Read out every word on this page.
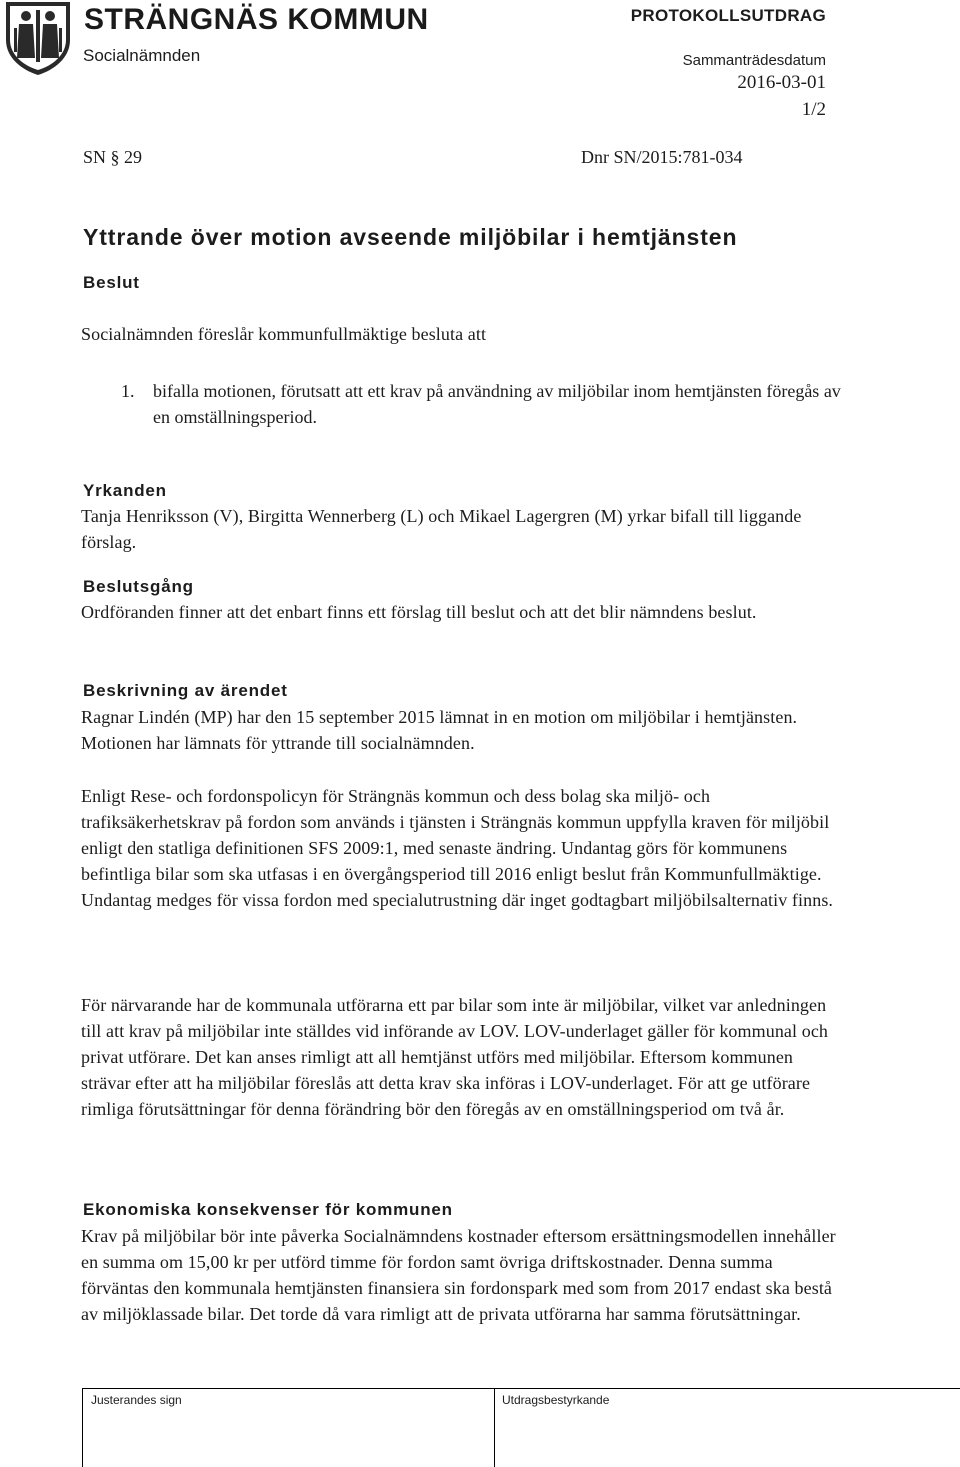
STRÄNGNÄS KOMMUN
Socialnämnden
PROTOKOLLSUTDRAG
Sammanträdesdatum
2016-03-01
1/2
SN § 29	Dnr SN/2015:781-034
Yttrande över motion avseende miljöbilar i hemtjänsten
Beslut
Socialnämnden föreslår kommunfullmäktige besluta att
1. bifalla motionen, förutsatt att ett krav på användning av miljöbilar inom hemtjänsten föregås av en omställningsperiod.
Yrkanden
Tanja Henriksson (V), Birgitta Wennerberg (L) och Mikael Lagergren (M) yrkar bifall till liggande förslag.
Beslutsgång
Ordföranden finner att det enbart finns ett förslag till beslut och att det blir nämndens beslut.
Beskrivning av ärendet
Ragnar Lindén (MP) har den 15 september 2015 lämnat in en motion om miljöbilar i hemtjänsten. Motionen har lämnats för yttrande till socialnämnden.
Enligt Rese- och fordonspolicyn för Strängnäs kommun och dess bolag ska miljö- och trafiksäkerhetskrav på fordon som används i tjänsten i Strängnäs kommun uppfylla kraven för miljöbil enligt den statliga definitionen SFS 2009:1, med senaste ändring. Undantag görs för kommunens befintliga bilar som ska utfasas i en övergångsperiod till 2016 enligt beslut från Kommunfullmäktige. Undantag medges för vissa fordon med specialutrustning där inget godtagbart miljöbilsalternativ finns.
För närvarande har de kommunala utförarna ett par bilar som inte är miljöbilar, vilket var anledningen till att krav på miljöbilar inte ställdes vid införande av LOV. LOV-underlaget gäller för kommunal och privat utförare. Det kan anses rimligt att all hemtjänst utförs med miljöbilar. Eftersom kommunen strävar efter att ha miljöbilar föreslås att detta krav ska införas i LOV-underlaget. För att ge utförare rimliga förutsättningar för denna förändring bör den föregås av en omställningsperiod om två år.
Ekonomiska konsekvenser för kommunen
Krav på miljöbilar bör inte påverka Socialnämndens kostnader eftersom ersättningsmodellen innehåller en summa om 15,00 kr per utförd timme för fordon samt övriga driftskostnader. Denna summa förväntas den kommunala hemtjänsten finansiera sin fordonspark med som from 2017 endast ska bestå av miljöklassade bilar. Det torde då vara rimligt att de privata utförarna har samma förutsättningar.
Justerandes sign	Utdragsbestyrkande
